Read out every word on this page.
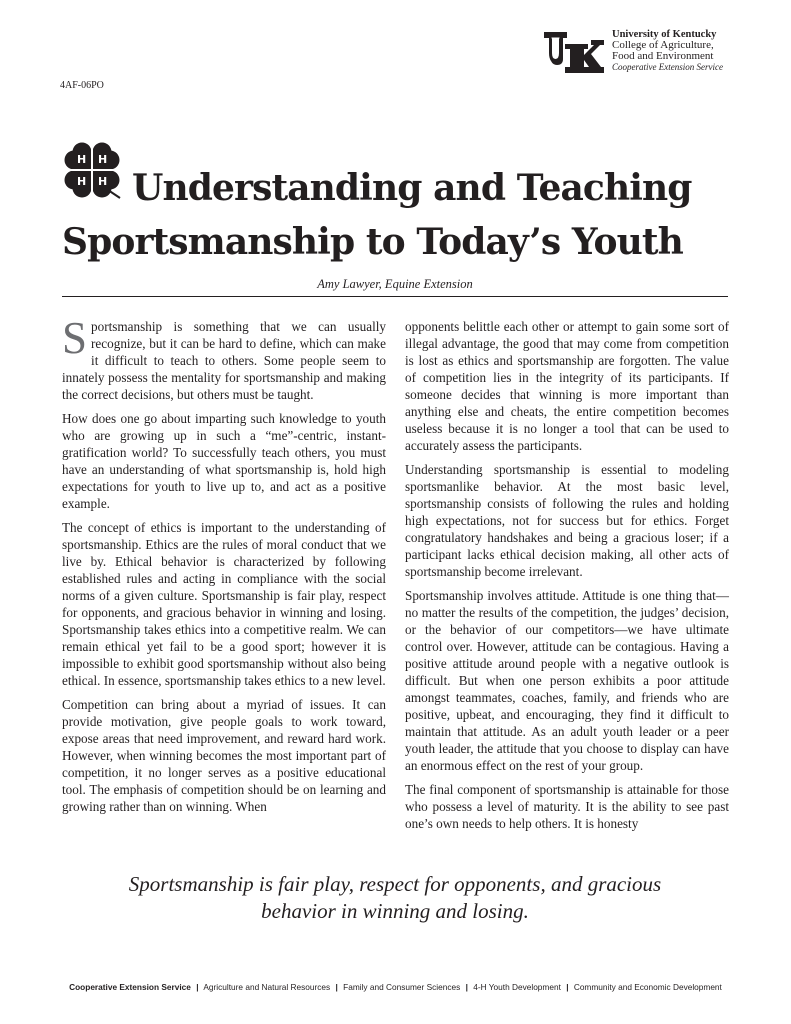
4AF-06PO
University of Kentucky
College of Agriculture,
Food and Environment
Cooperative Extension Service
H H
H H Understanding and Teaching
Sportsmanship to Today’s Youth
Amy Lawyer, Equine Extension

Sportsmanship is something that we can usually recognize, but it can be hard to define, which can make it difficult to teach to others. Some people seem to innately possess the mentality for sportsmanship and making the correct decisions, but others must be taught.

How does one go about imparting such knowledge to youth who are growing up in such a “me”-centric, instant-gratification world? To successfully teach others, you must have an understanding of what sportsmanship is, hold high expectations for youth to live up to, and act as a positive example.

The concept of ethics is important to the understanding of sportsmanship. Ethics are the rules of moral conduct that we live by. Ethical behavior is characterized by following established rules and acting in compliance with the social norms of a given culture. Sportsmanship is fair play, respect for opponents, and gracious behavior in winning and losing. Sportsmanship takes ethics into a competitive realm. We can remain ethical yet fail to be a good sport; however it is impossible to exhibit good sportsmanship without also being ethical. In essence, sportsmanship takes ethics to a new level.

Competition can bring about a myriad of issues. It can provide motivation, give people goals to work toward, expose areas that need improvement, and reward hard work. However, when winning becomes the most important part of competition, it no longer serves as a positive educational tool. The emphasis of competition should be on learning and growing rather than on winning. When

opponents belittle each other or attempt to gain some sort of illegal advantage, the good that may come from competition is lost as ethics and sportsmanship are forgotten. The value of competition lies in the integrity of its participants. If someone decides that winning is more important than anything else and cheats, the entire competition becomes useless because it is no longer a tool that can be used to accurately assess the participants.

Understanding sportsmanship is essential to modeling sportsmanlike behavior. At the most basic level, sportsmanship consists of following the rules and holding high expectations, not for success but for ethics. Forget congratulatory handshakes and being a gracious loser; if a participant lacks ethical decision making, all other acts of sportsmanship become irrelevant.

Sportsmanship involves attitude. Attitude is one thing that—no matter the results of the competition, the judges’ decision, or the behavior of our competitors—we have ultimate control over. However, attitude can be contagious. Having a positive attitude around people with a negative outlook is difficult. But when one person exhibits a poor attitude amongst teammates, coaches, family, and friends who are positive, upbeat, and encouraging, they find it difficult to maintain that attitude. As an adult youth leader or a peer youth leader, the attitude that you choose to display can have an enormous effect on the rest of your group.

The final component of sportsmanship is attainable for those who possess a level of maturity. It is the ability to see past one’s own needs to help others. It is honesty

Sportsmanship is fair play, respect for opponents, and gracious
behavior in winning and losing.
Cooperative Extension Service | Agriculture and Natural Resources | Family and Consumer Sciences | 4-H Youth Development | Community and Economic Development
